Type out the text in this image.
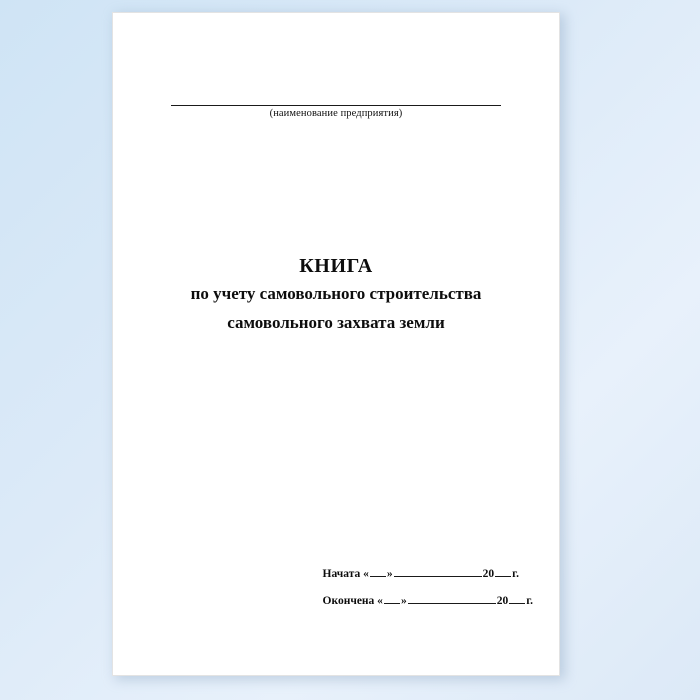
(наименование предприятия)
КНИГА
по учету самовольного строительства
самовольного захвата земли
Начата « »	20 г.
Окончена « »	20 г.
